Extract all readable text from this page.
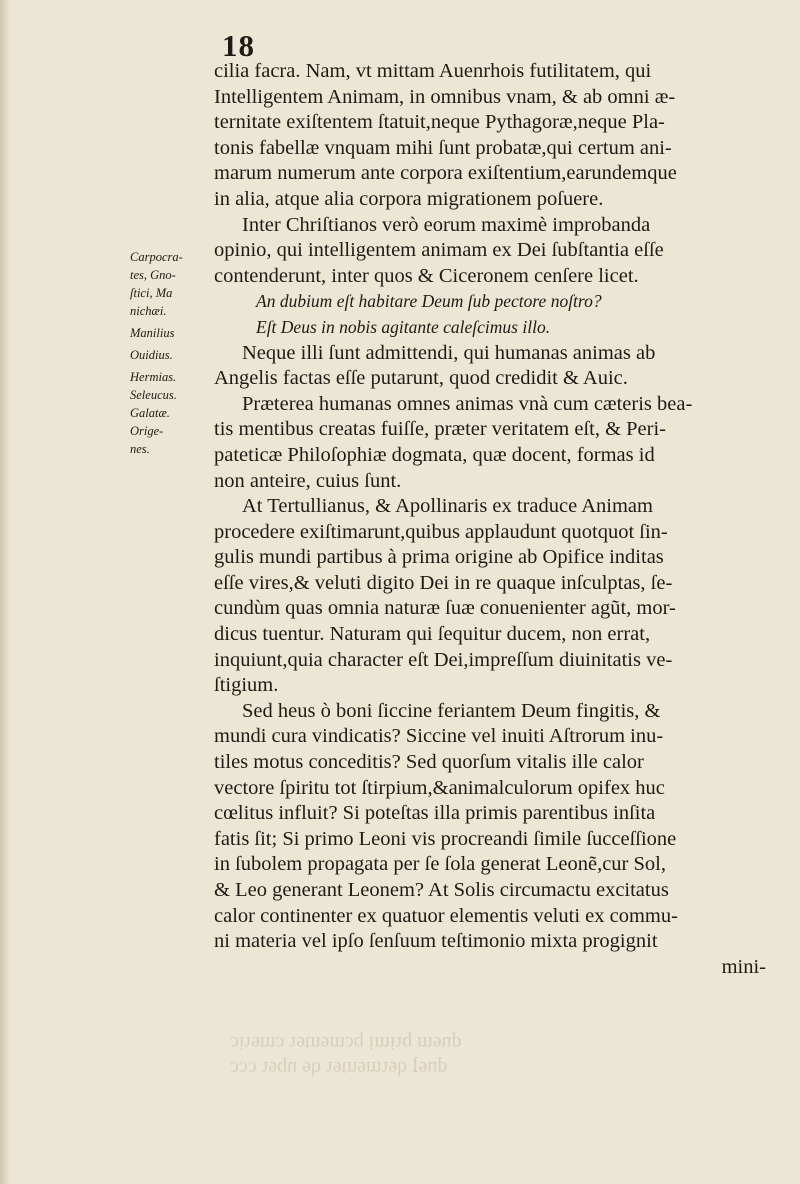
18
cilia facra. Nam, vt mittam Auenrhois futilitatem, qui
Intelligentem Animam, in omnibus vnam, & ab omni æ-
ternitate exiſtentem ſtatuit,neque Pythagoræ,neque Pla-
tonis fabellæ vnquam mihi ſunt probatæ,qui certum ani-
marum numerum ante corpora exiſtentium,earundemque
in alia, atque alia corpora migrationem poſuere.
Inter Chriſtianos verò eorum maximè improbanda
opinio, qui intelligentem animam ex Dei ſubſtantia eſſe
contenderunt, inter quos & Ciceronem cenſere licet.
An dubium eſt habitare Deum ſub pectore noſtro?
Eſt Deus in nobis agitante caleſcimus illo.
Neque illi ſunt admittendi, qui humanas animas ab
Angelis factas eſſe putarunt, quod credidit & Auic.
Præterea humanas omnes animas vnà cum cæteris bea-
tis mentibus creatas fuiſſe, præter veritatem eſt, & Peri-
pateticæ Philoſophiæ dogmata, quæ docent, formas id
non anteire, cuius ſunt.
At Tertullianus, & Apollinaris ex traduce Animam
procedere exiſtimarunt,quibus applaudunt quotquot ſin-
gulis mundi partibus à prima origine ab Opifice inditas
eſſe vires,& veluti digito Dei in re quaque inſculptas, ſe-
cundùm quas omnia naturæ ſuæ conuenienter agũt, mor-
dicus tuentur. Naturam qui ſequitur ducem, non errat,
inquiunt,quia character eſt Dei,impreſſum diuinitatis ve-
ſtigium.
Sed heus ò boni ſiccine feriantem Deum fingitis, &
mundi cura vindicatis? Siccine vel inuiti Aſtrorum inu-
tiles motus conceditis? Sed quorſum vitalis ille calor
vectore ſpiritu tot ſtirpium,&animalculorum opifex huc
cœlitus influit? Si poteſtas illa primis parentibus inſita
fatis ſit; Si primo Leoni vis procreandi ſimile ſucceſſione
in ſubolem propagata per ſe ſola generat Leonẽ,cur Sol,
& Leo generant Leonem? At Solis circumactu excitatus
calor continenter ex quatuor elementis veluti ex commu-
ni materia vel ipſo ſenſuum teſtimonio mixta progignit
mini-
Carpocra-
tes, Gno-
ſtici, Ma
nichæi.
Manilius
Ouidius.
Hermias.
Seleucus.
Galatæ.
Orige-
nes.
ɔɔɔ ɿɘqu ɘb ɿɘtnɘmɿɘb ꞁɘup
ɔiɿɘmɔ ɿɘtnɘmɔq imiɿq mɘup
